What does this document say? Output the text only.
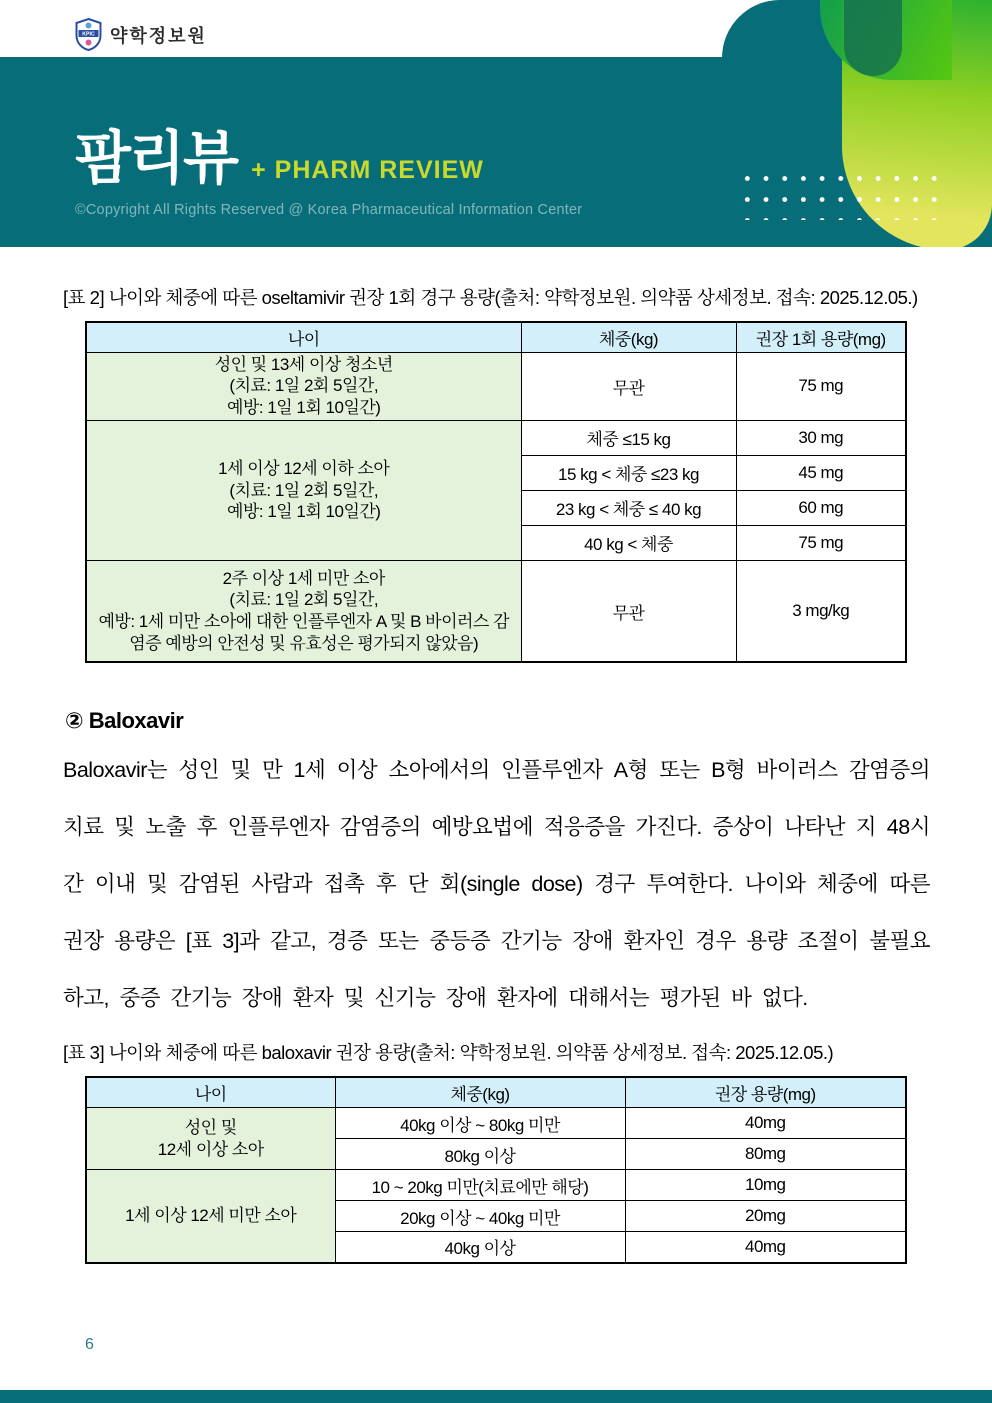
KPIC 약학정보원
팜리뷰 + PHARM REVIEW
©Copyright All Rights Reserved @ Korea Pharmaceutical Information Center

[표 2] 나이와 체중에 따른 oseltamivir 권장 1회 경구 용량(출처: 약학정보원. 의약품 상세정보. 접속: 2025.12.05.)

나이	체중(kg)	권장 1회 용량(mg)

성인 및 13세 이상 청소년
(치료: 1일 2회 5일간,
예방: 1일 1회 10일간)	무관	75 mg

1세 이상 12세 이하 소아
(치료: 1일 2회 5일간,
예방: 1일 1회 10일간)	체중 ≤15 kg	30 mg
	15 kg < 체중 ≤23 kg	45 mg
	23 kg < 체중 ≤ 40 kg	60 mg
	40 kg < 체중	75 mg

2주 이상 1세 미만 소아
(치료: 1일 2회 5일간,
예방: 1세 미만 소아에 대한 인플루엔자 A 및 B 바이러스 감염증 예방의 안전성 및 유효성은 평가되지 않았음)	무관	3 mg/kg
② Baloxavir

Baloxavir는 성인 및 만 1세 이상 소아에서의 인플루엔자 A형 또는 B형 바이러스 감염증의 치료 및 노출 후 인플루엔자 감염증의 예방요법에 적응증을 가진다. 증상이 나타난 지 48시간 이내 및 감염된 사람과 접촉 후 단 회(single dose) 경구 투여한다. 나이와 체중에 따른 권장 용량은 [표 3]과 같고, 경증 또는 중등증 간기능 장애 환자인 경우 용량 조절이 불필요하고, 중증 간기능 장애 환자 및 신기능 장애 환자에 대해서는 평가된 바 없다.

[표 3] 나이와 체중에 따른 baloxavir 권장 용량(출처: 약학정보원. 의약품 상세정보. 접속: 2025.12.05.)

나이	체중(kg)	권장 용량(mg)

성인 및
12세 이상 소아	40kg 이상 ~ 80kg 미만	40mg
	80kg 이상	80mg

1세 이상 12세 미만 소아	10 ~ 20kg 미만(치료에만 해당)	10mg
	20kg 이상 ~ 40kg 미만	20mg
	40kg 이상	40mg
6
